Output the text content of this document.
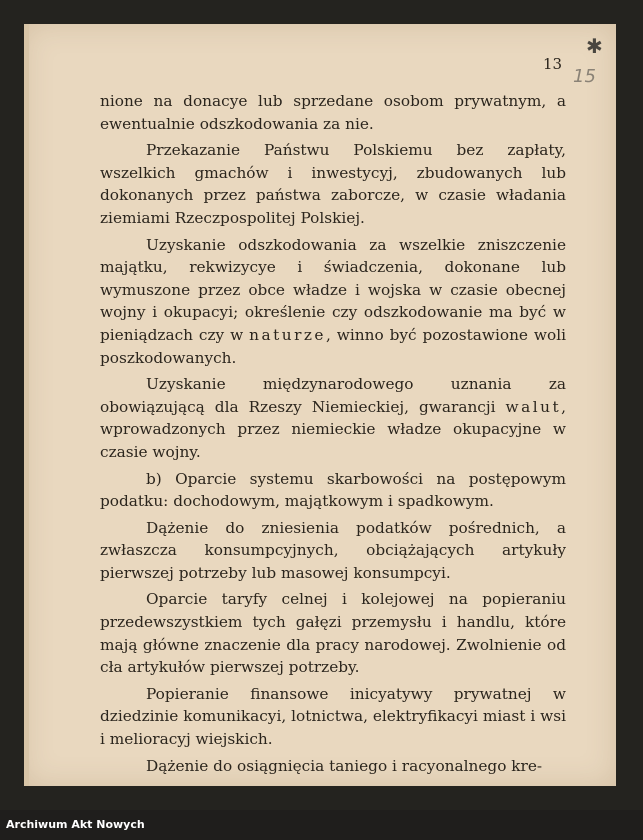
13
15
✱

nione na donacye lub sprzedane osobom prywatnym, a ewentualnie odszkodowania za nie.

Przekazanie Państwu Polskiemu bez zapłaty, wszelkich gmachów i inwestycyj, zbudowanych lub dokonanych przez państwa zaborcze, w czasie władania ziemiami Rzeczpospolitej Polskiej.

Uzyskanie odszkodowania za wszelkie zniszczenie majątku, rekwizycye i świadczenia, dokonane lub wymuszone przez obce władze i wojska w czasie obecnej wojny i okupacyi; określenie czy odszkodowanie ma być w pieniądzach czy w naturze, winno być pozostawione woli poszkodowanych.

Uzyskanie międzynarodowego uznania za obowiązującą dla Rzeszy Niemieckiej, gwarancji walut, wprowadzonych przez niemieckie władze okupacyjne w czasie wojny.

b) Oparcie systemu skarbowości na postępowym podatku: dochodowym, majątkowym i spadkowym.

Dążenie do zniesienia podatków pośrednich, a zwłaszcza konsumpcyjnych, obciążających artykuły pierwszej potrzeby lub masowej konsumpcyi.

Oparcie taryfy celnej i kolejowej na popieraniu przedewszystkiem tych gałęzi przemysłu i handlu, które mają główne znaczenie dla pracy narodowej. Zwolnienie od cła artykułów pierwszej potrzeby.

Popieranie finansowe inicyatywy prywatnej w dziedzinie komunikacyi, lotnictwa, elektryfikacyi miast i wsi i melioracyj wiejskich.

Dążenie do osiągnięcia taniego i racyonalnego kre-

Archiwum Akt Nowych
